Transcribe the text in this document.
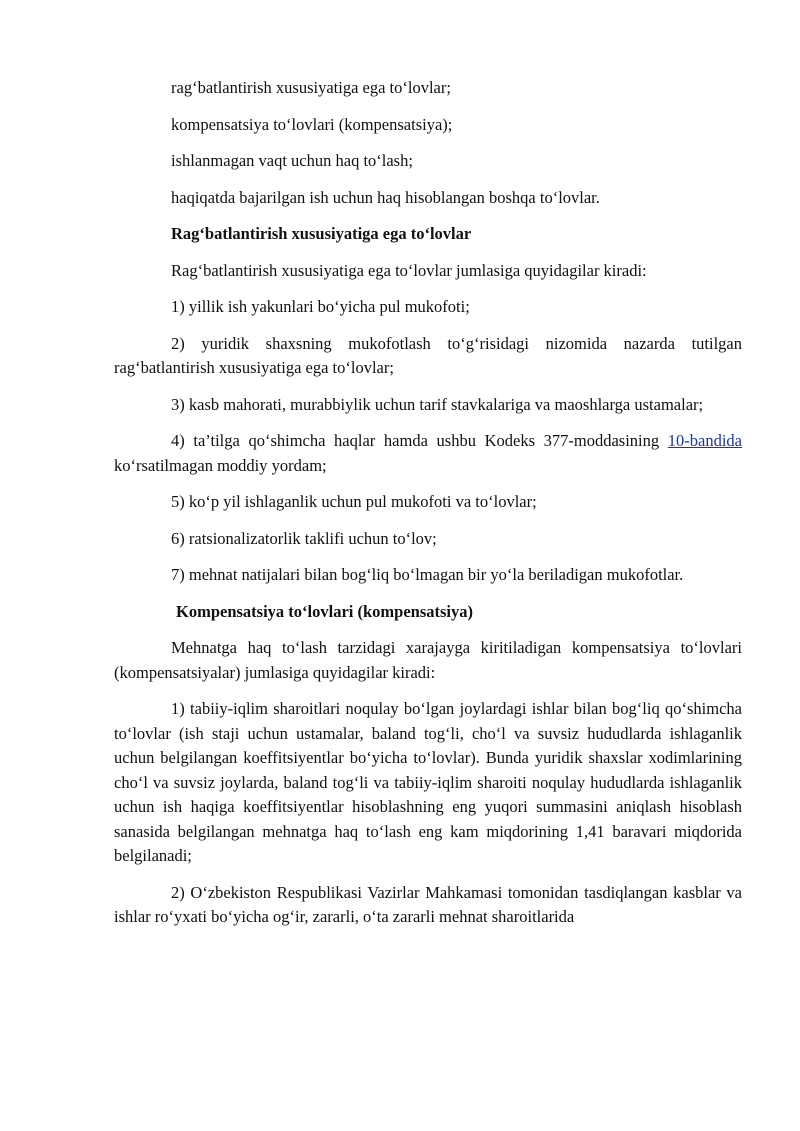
rag‘batlantirish xususiyatiga ega to‘lovlar;

kompensatsiya to‘lovlari (kompensatsiya);

ishlanmagan vaqt uchun haq to‘lash;

haqiqatda bajarilgan ish uchun haq hisoblangan boshqa to‘lovlar.

Rag‘batlantirish xususiyatiga ega to‘lovlar

Rag‘batlantirish xususiyatiga ega to‘lovlar jumlasiga quyidagilar kiradi:

1) yillik ish yakunlari bo‘yicha pul mukofoti;

2) yuridik shaxsning mukofotlash to‘g‘risidagi nizomida nazarda tutilgan rag‘batlantirish xususiyatiga ega to‘lovlar;

3) kasb mahorati, murabbiylik uchun tarif stavkalariga va maoshlarga ustamalar;

4) ta’tilga qo‘shimcha haqlar hamda ushbu Kodeks 377-moddasining 10-bandida ko‘rsatilmagan moddiy yordam;

5) ko‘p yil ishlaganlik uchun pul mukofoti va to‘lovlar;

6) ratsionalizatorlik taklifi uchun to‘lov;

7) mehnat natijalari bilan bog‘liq bo‘lmagan bir yo‘la beriladigan mukofotlar.

Kompensatsiya to‘lovlari (kompensatsiya)

Mehnatga haq to‘lash tarzidagi xarajayga kiritiladigan kompensatsiya to‘lovlari (kompensatsiyalar) jumlasiga quyidagilar kiradi:

1) tabiiy-iqlim sharoitlari noqulay bo‘lgan joylardagi ishlar bilan bog‘liq qo‘shimcha to‘lovlar (ish staji uchun ustamalar, baland tog‘li, cho‘l va suvsiz hududlarda ishlaganlik uchun belgilangan koeffitsiyentlar bo‘yicha to‘lovlar). Bunda yuridik shaxslar xodimlarining cho‘l va suvsiz joylarda, baland tog‘li va tabiiy-iqlim sharoiti noqulay hududlarda ishlaganlik uchun ish haqiga koeffitsiyentlar hisoblashning eng yuqori summasini aniqlash hisoblash sanasida belgilangan mehnatga haq to‘lash eng kam miqdorining 1,41 baravari miqdorida belgilanadi;

2) O‘zbekiston Respublikasi Vazirlar Mahkamasi tomonidan tasdiqlangan kasblar va ishlar ro‘yxati bo‘yicha og‘ir, zararli, o‘ta zararli mehnat sharoitlarida
